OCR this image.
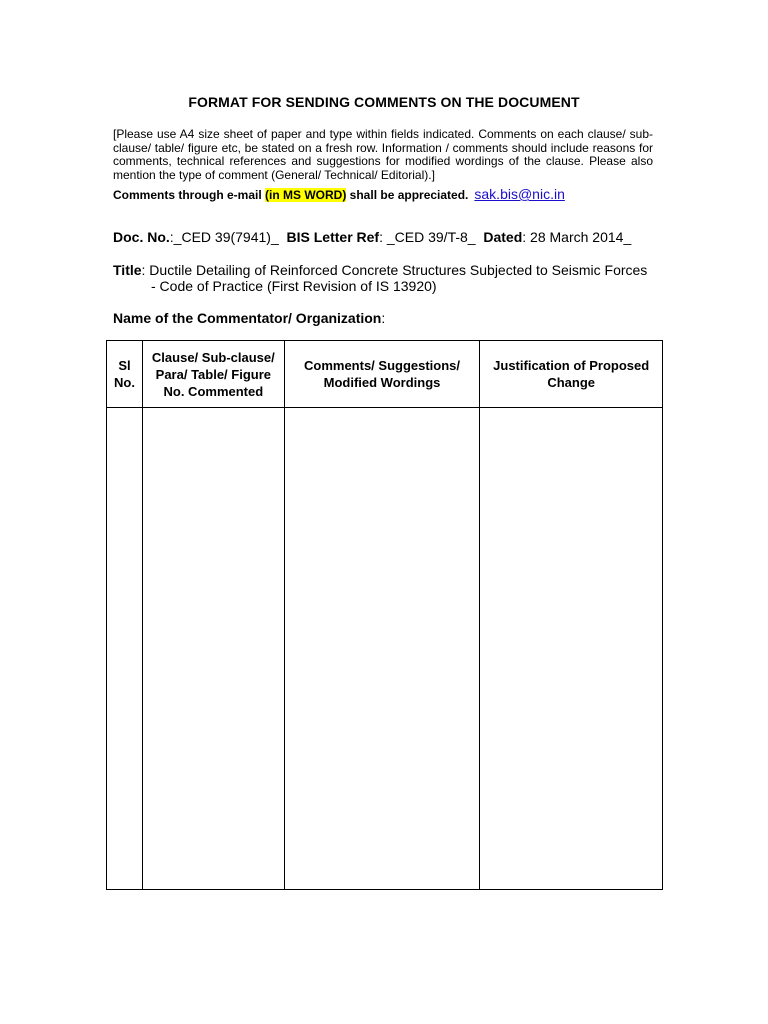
FORMAT FOR SENDING COMMENTS ON THE DOCUMENT

[Please use A4 size sheet of paper and type within fields indicated. Comments on each clause/ sub-clause/ table/ figure etc, be stated on a fresh row. Information / comments should include reasons for comments, technical references and suggestions for modified wordings of the clause. Please also mention the type of comment (General/ Technical/ Editorial).]

Comments through e-mail (in MS WORD) shall be appreciated. sak.bis@nic.in
Doc. No.:_CED 39(7941)_ BIS Letter Ref: _CED 39/T-8_ Dated: 28 March 2014_
Title: Ductile Detailing of Reinforced Concrete Structures Subjected to Seismic Forces
- Code of Practice (First Revision of IS 13920)
Name of the Commentator/ Organization:
Sl No.	Clause/ Sub-clause/ Para/ Table/ Figure No. Commented	Comments/ Suggestions/ Modified Wordings	Justification of Proposed Change
